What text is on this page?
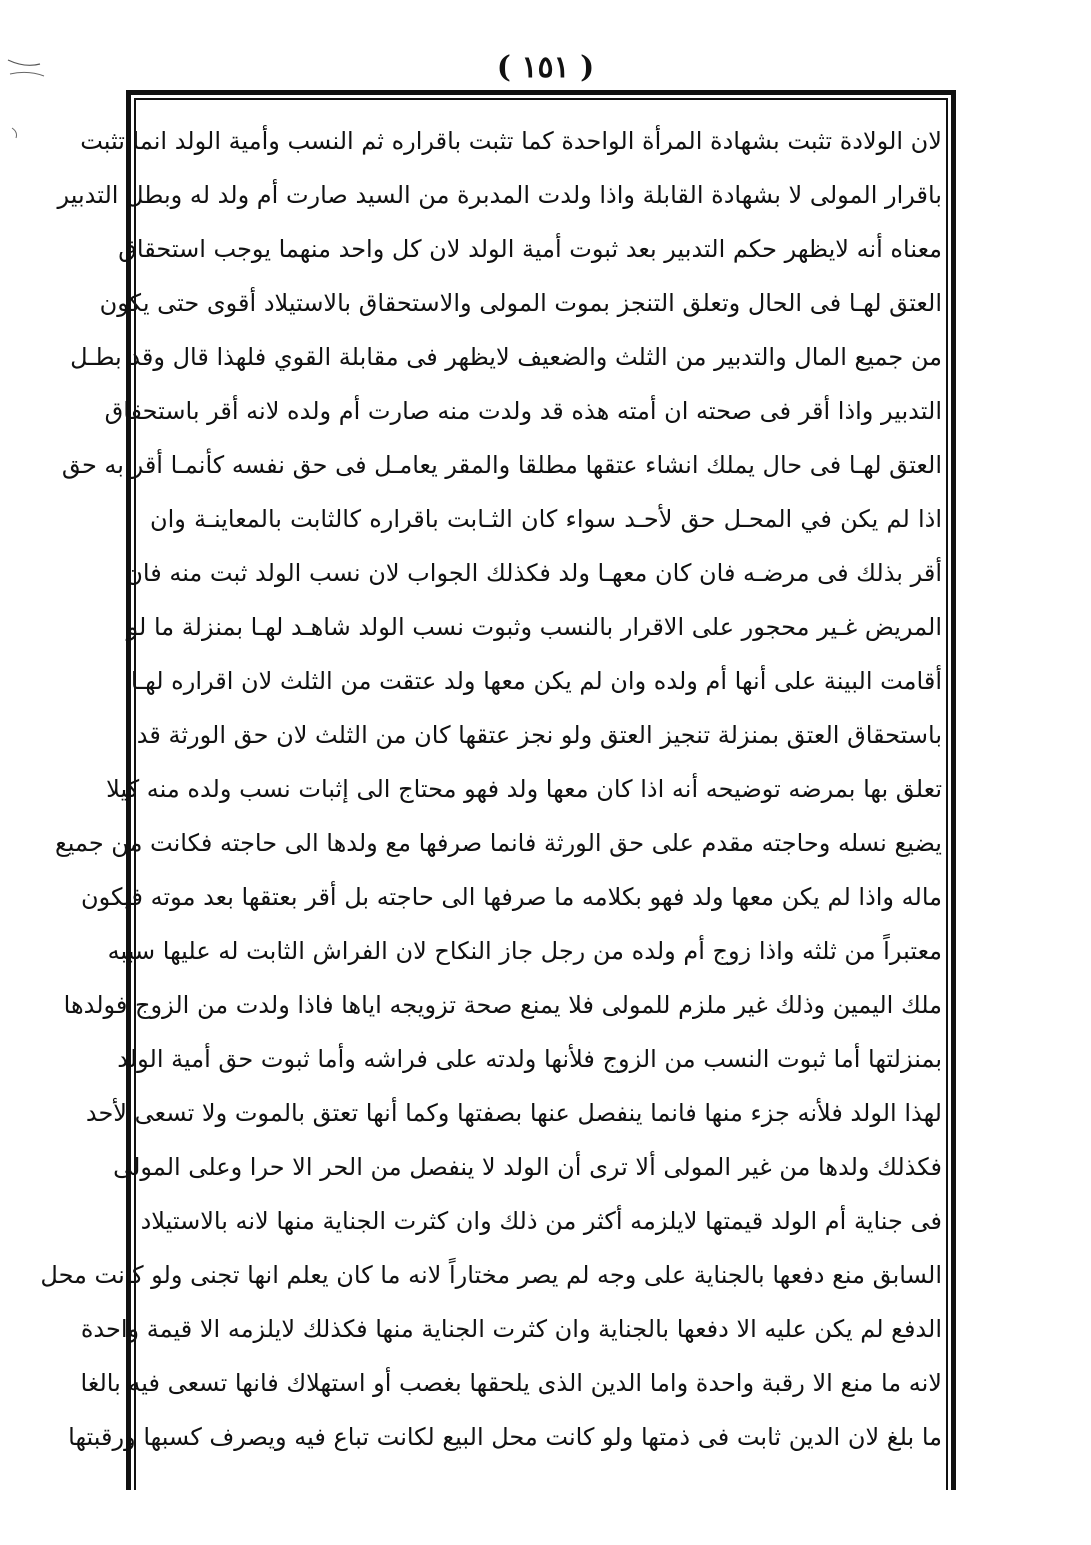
( ١٥١ )
لان الولادة تثبت بشهادة المرأة الواحدة كما تثبت باقراره ثم النسب وأمية الولد انما تثبت
باقرار المولى لا بشهادة القابلة واذا ولدت المدبرة من السيد صارت أم ولد له وبطل التدبير
معناه أنه لايظهر حكم التدبير بعد ثبوت أمية الولد لان كل واحد منهما يوجب استحقاق
العتق لهـا فى الحال وتعلق التنجز بموت المولى والاستحقاق بالاستيلاد أقوى حتى يكون
من جميع المال والتدبير من الثلث والضعيف لايظهر فى مقابلة القوي فلهذا قال وقد بطـل
التدبير واذا أقر فى صحته ان أمته هذه قد ولدت منه صارت أم ولده لانه أقر باستحقاق
العتق لهـا فى حال يملك انشاء عتقها مطلقا والمقر يعامـل فى حق نفسه كأنمـا أقر به حق
اذا لم يكن في المحـل حق لأحـد سواء كان الثـابت باقراره كالثابت بالمعاينـة وان
أقر بذلك فى مرضـه فان كان معهـا ولد فكذلك الجواب لان نسب الولد ثبت منه فان
المريض غـير محجور على الاقرار بالنسب وثبوت نسب الولد شاهـد لهـا بمنزلة ما لو
أقامت البينة على أنها أم ولده وان لم يكن معها ولد عتقت من الثلث لان اقراره لهـا
باستحقاق العتق بمنزلة تنجيز العتق ولو نجز عتقها كان من الثلث لان حق الورثة قد
تعلق بها بمرضه توضيحه أنه اذا كان معها ولد فهو محتاج الى إثبات نسب ولده منه كيلا
يضيع نسله وحاجته مقدم على حق الورثة فانما صرفها مع ولدها الى حاجته فكانت من جميع
ماله واذا لم يكن معها ولد فهو بكلامه ما صرفها الى حاجته بل أقر بعتقها بعد موته فيكون
معتبراً من ثلثه واذا زوج أم ولده من رجل جاز النكاح لان الفراش الثابت له عليها سببه
ملك اليمين وذلك غير ملزم للمولى فلا يمنع صحة تزويجه اياها فاذا ولدت من الزوج فولدها
بمنزلتها أما ثبوت النسب من الزوج فلأنها ولدته على فراشه وأما ثبوت حق أمية الولد
لهذا الولد فلأنه جزء منها فانما ينفصل عنها بصفتها وكما أنها تعتق بالموت ولا تسعى لأحد
فكذلك ولدها من غير المولى ألا ترى أن الولد لا ينفصل من الحر الا حرا وعلى المولى
فى جناية أم الولد قيمتها لايلزمه أكثر من ذلك وان كثرت الجناية منها لانه بالاستيلاد
السابق منع دفعها بالجناية على وجه لم يصر مختاراً لانه ما كان يعلم انها تجنى ولو كانت محل
الدفع لم يكن عليه الا دفعها بالجناية وان كثرت الجناية منها فكذلك لايلزمه الا قيمة واحدة
لانه ما منع الا رقبة واحدة واما الدين الذى يلحقها بغصب أو استهلاك فانها تسعى فيه بالغا
ما بلغ لان الدين ثابت فى ذمتها ولو كانت محل البيع لكانت تباع فيه ويصرف كسبها ورقبتها
